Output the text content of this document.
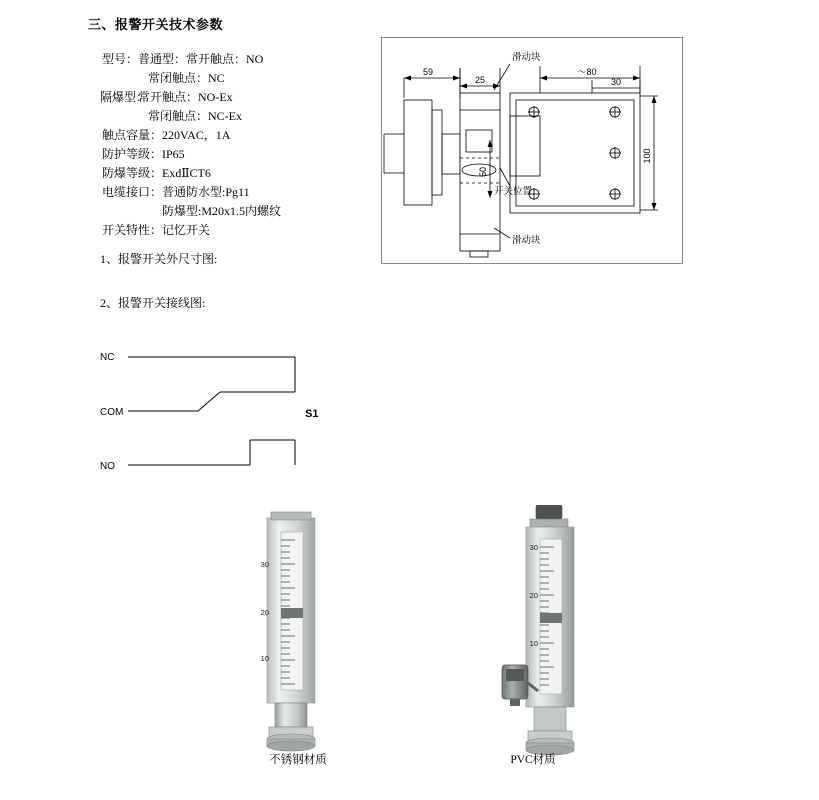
三、报警开关技术参数
型号：普通型：常开触点：NO
常闭触点：NC
隔爆型：常开触点：NO-Ex
常闭触点：NC-Ex
触点容量：220VAC，1A
防护等级：IP65
防爆等级：ExdⅡCT6
电缆接口：普通防水型:Pg11
防爆型:M20x1.5内螺纹
开关特性：记忆开关
1、报警开关外尺寸图:
2、报警开关接线图:
59
25
～80
30
50
100
滑动块
滑动块
开关位置
NC
COM
NO
S1
30
20
10
30
20
10
不锈钢材质	PVC材质
